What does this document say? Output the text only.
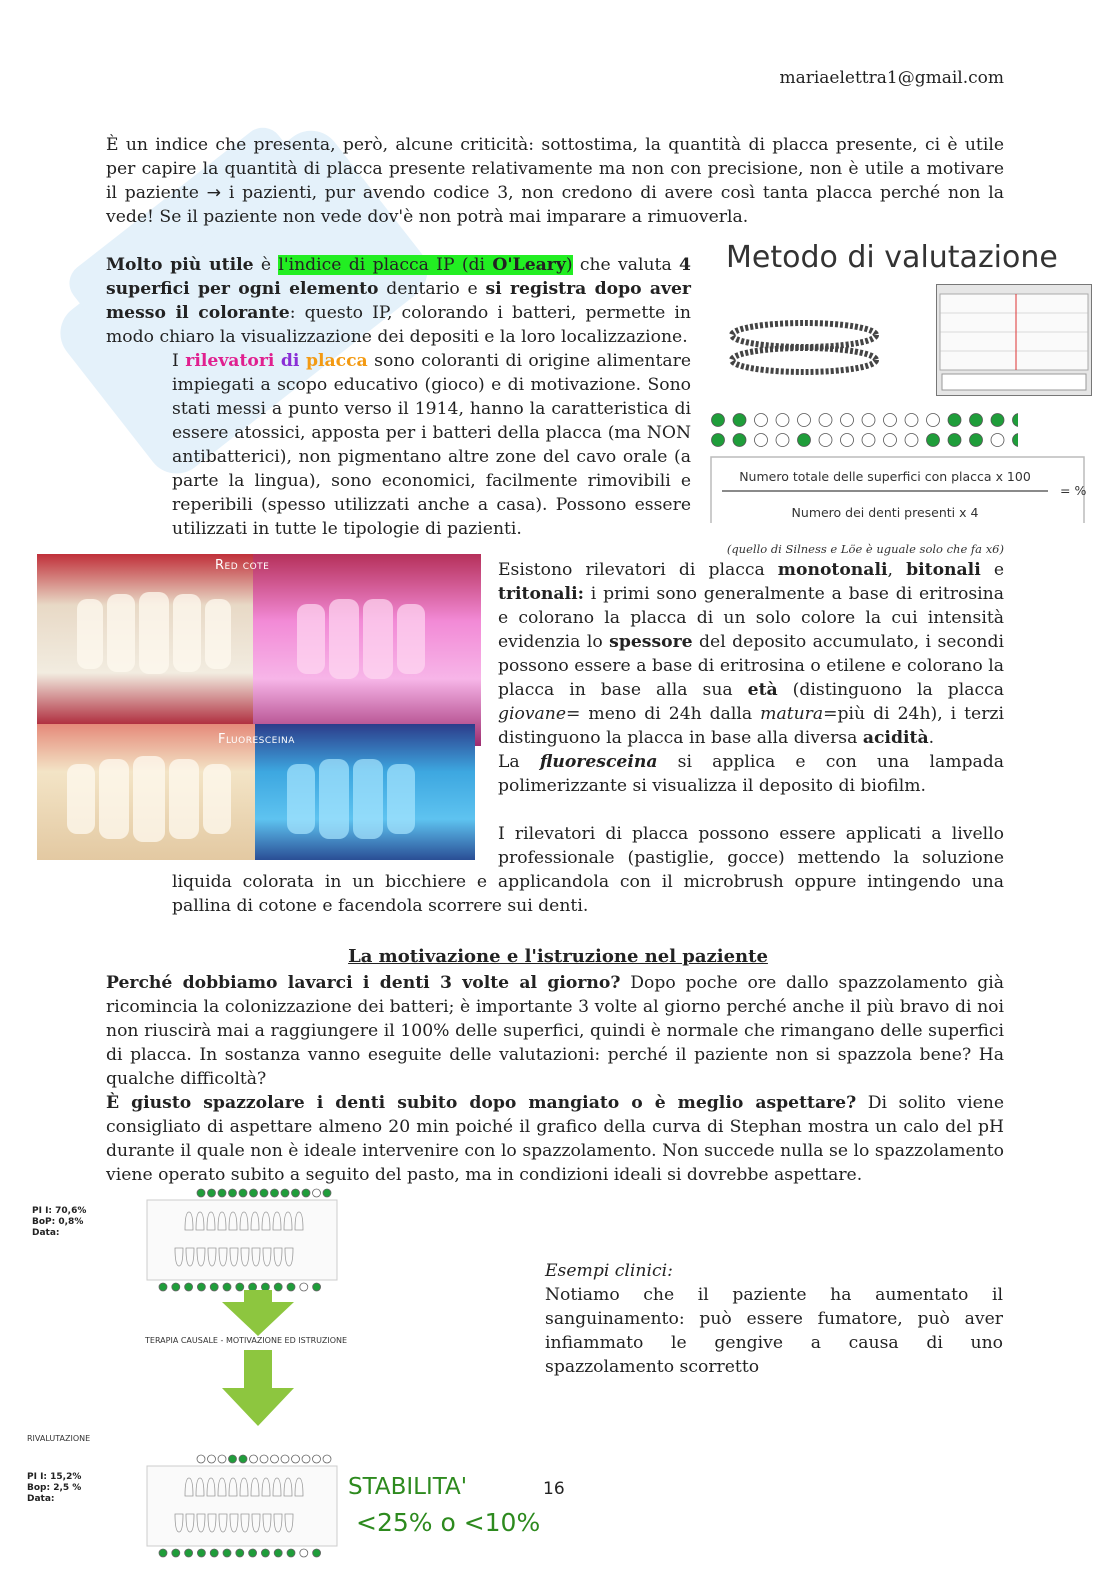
mariaelettra1@gmail.com
È un indice che presenta, però, alcune criticità: sottostima, la quantità di placca presente, ci è utile per capire la quantità di placca presente relativamente ma non con precisione, non è utile a motivare il paziente → i pazienti, pur avendo codice 3, non credono di avere così tanta placca perché non la vede! Se il paziente non vede dov'è non potrà mai imparare a rimuoverla.
Molto più utile è l'indice di placca IP (di O'Leary) che valuta 4 superfici per ogni elemento dentario e si registra dopo aver messo il colorante: questo IP, colorando i batteri, permette in modo chiaro la visualizzazione dei depositi e la loro localizzazione.
I rilevatori di placca sono coloranti di origine alimentare impiegati a scopo educativo (gioco) e di motivazione. Sono stati messi a punto verso il 1914, hanno la caratteristica di essere atossici, apposta per i batteri della placca (ma NON antibatterici), non pigmentano altre zone del cavo orale (a parte la lingua), sono economici, facilmente rimovibili e reperibili (spesso utilizzati anche a casa). Possono essere utilizzati in tutte le tipologie di pazienti.
Metodo di valutazione
Numero totale delle superfici con placca x 100
Numero dei denti presenti x 4
= %
(quello di Silness e Löe è uguale solo che fa x6)
Red cote
Fluoresceina
Esistono rilevatori di placca monotonali, bitonali e tritonali: i primi sono generalmente a base di eritrosina e colorano la placca di un solo colore la cui intensità evidenzia lo spessore del deposito accumulato, i secondi possono essere a base di eritrosina o etilene e colorano la placca in base alla sua età (distinguono la placca giovane= meno di 24h dalla matura=più di 24h), i terzi distinguono la placca in base alla diversa acidità.
La fluoresceina si applica e con una lampada polimerizzante si visualizza il deposito di biofilm.
I rilevatori di placca possono essere applicati a livello
professionale (pastiglie, gocce) mettendo la soluzione
liquida colorata in un bicchiere e applicandola con il microbrush oppure intingendo una pallina di cotone e facendola scorrere sui denti.
La motivazione e l'istruzione nel paziente
Perché dobbiamo lavarci i denti 3 volte al giorno? Dopo poche ore dallo spazzolamento già ricomincia la colonizzazione dei batteri; è importante 3 volte al giorno perché anche il più bravo di noi non riuscirà mai a raggiungere il 100% delle superfici, quindi è normale che rimangano delle superfici di placca. In sostanza vanno eseguite delle valutazioni: perché il paziente non si spazzola bene? Ha qualche difficoltà?
È giusto spazzolare i denti subito dopo mangiato o è meglio aspettare? Di solito viene consigliato di aspettare almeno 20 min poiché il grafico della curva di Stephan mostra un calo del pH durante il quale non è ideale intervenire con lo spazzolamento. Non succede nulla se lo spazzolamento viene operato subito a seguito del pasto, ma in condizioni ideali si dovrebbe aspettare.
PI I: 70,6%
BoP: 0,8%
Data:
TERAPIA CAUSALE - MOTIVAZIONE ED ISTRUZIONE
RIVALUTAZIONE
PI I: 15,2%
Bop: 2,5 %
Data:	STABILITA'
<25% o <10%
Esempi clinici:
Notiamo che il paziente ha aumentato il sanguinamento: può essere fumatore, può aver infiammato le gengive a causa di uno spazzolamento scorretto
16
